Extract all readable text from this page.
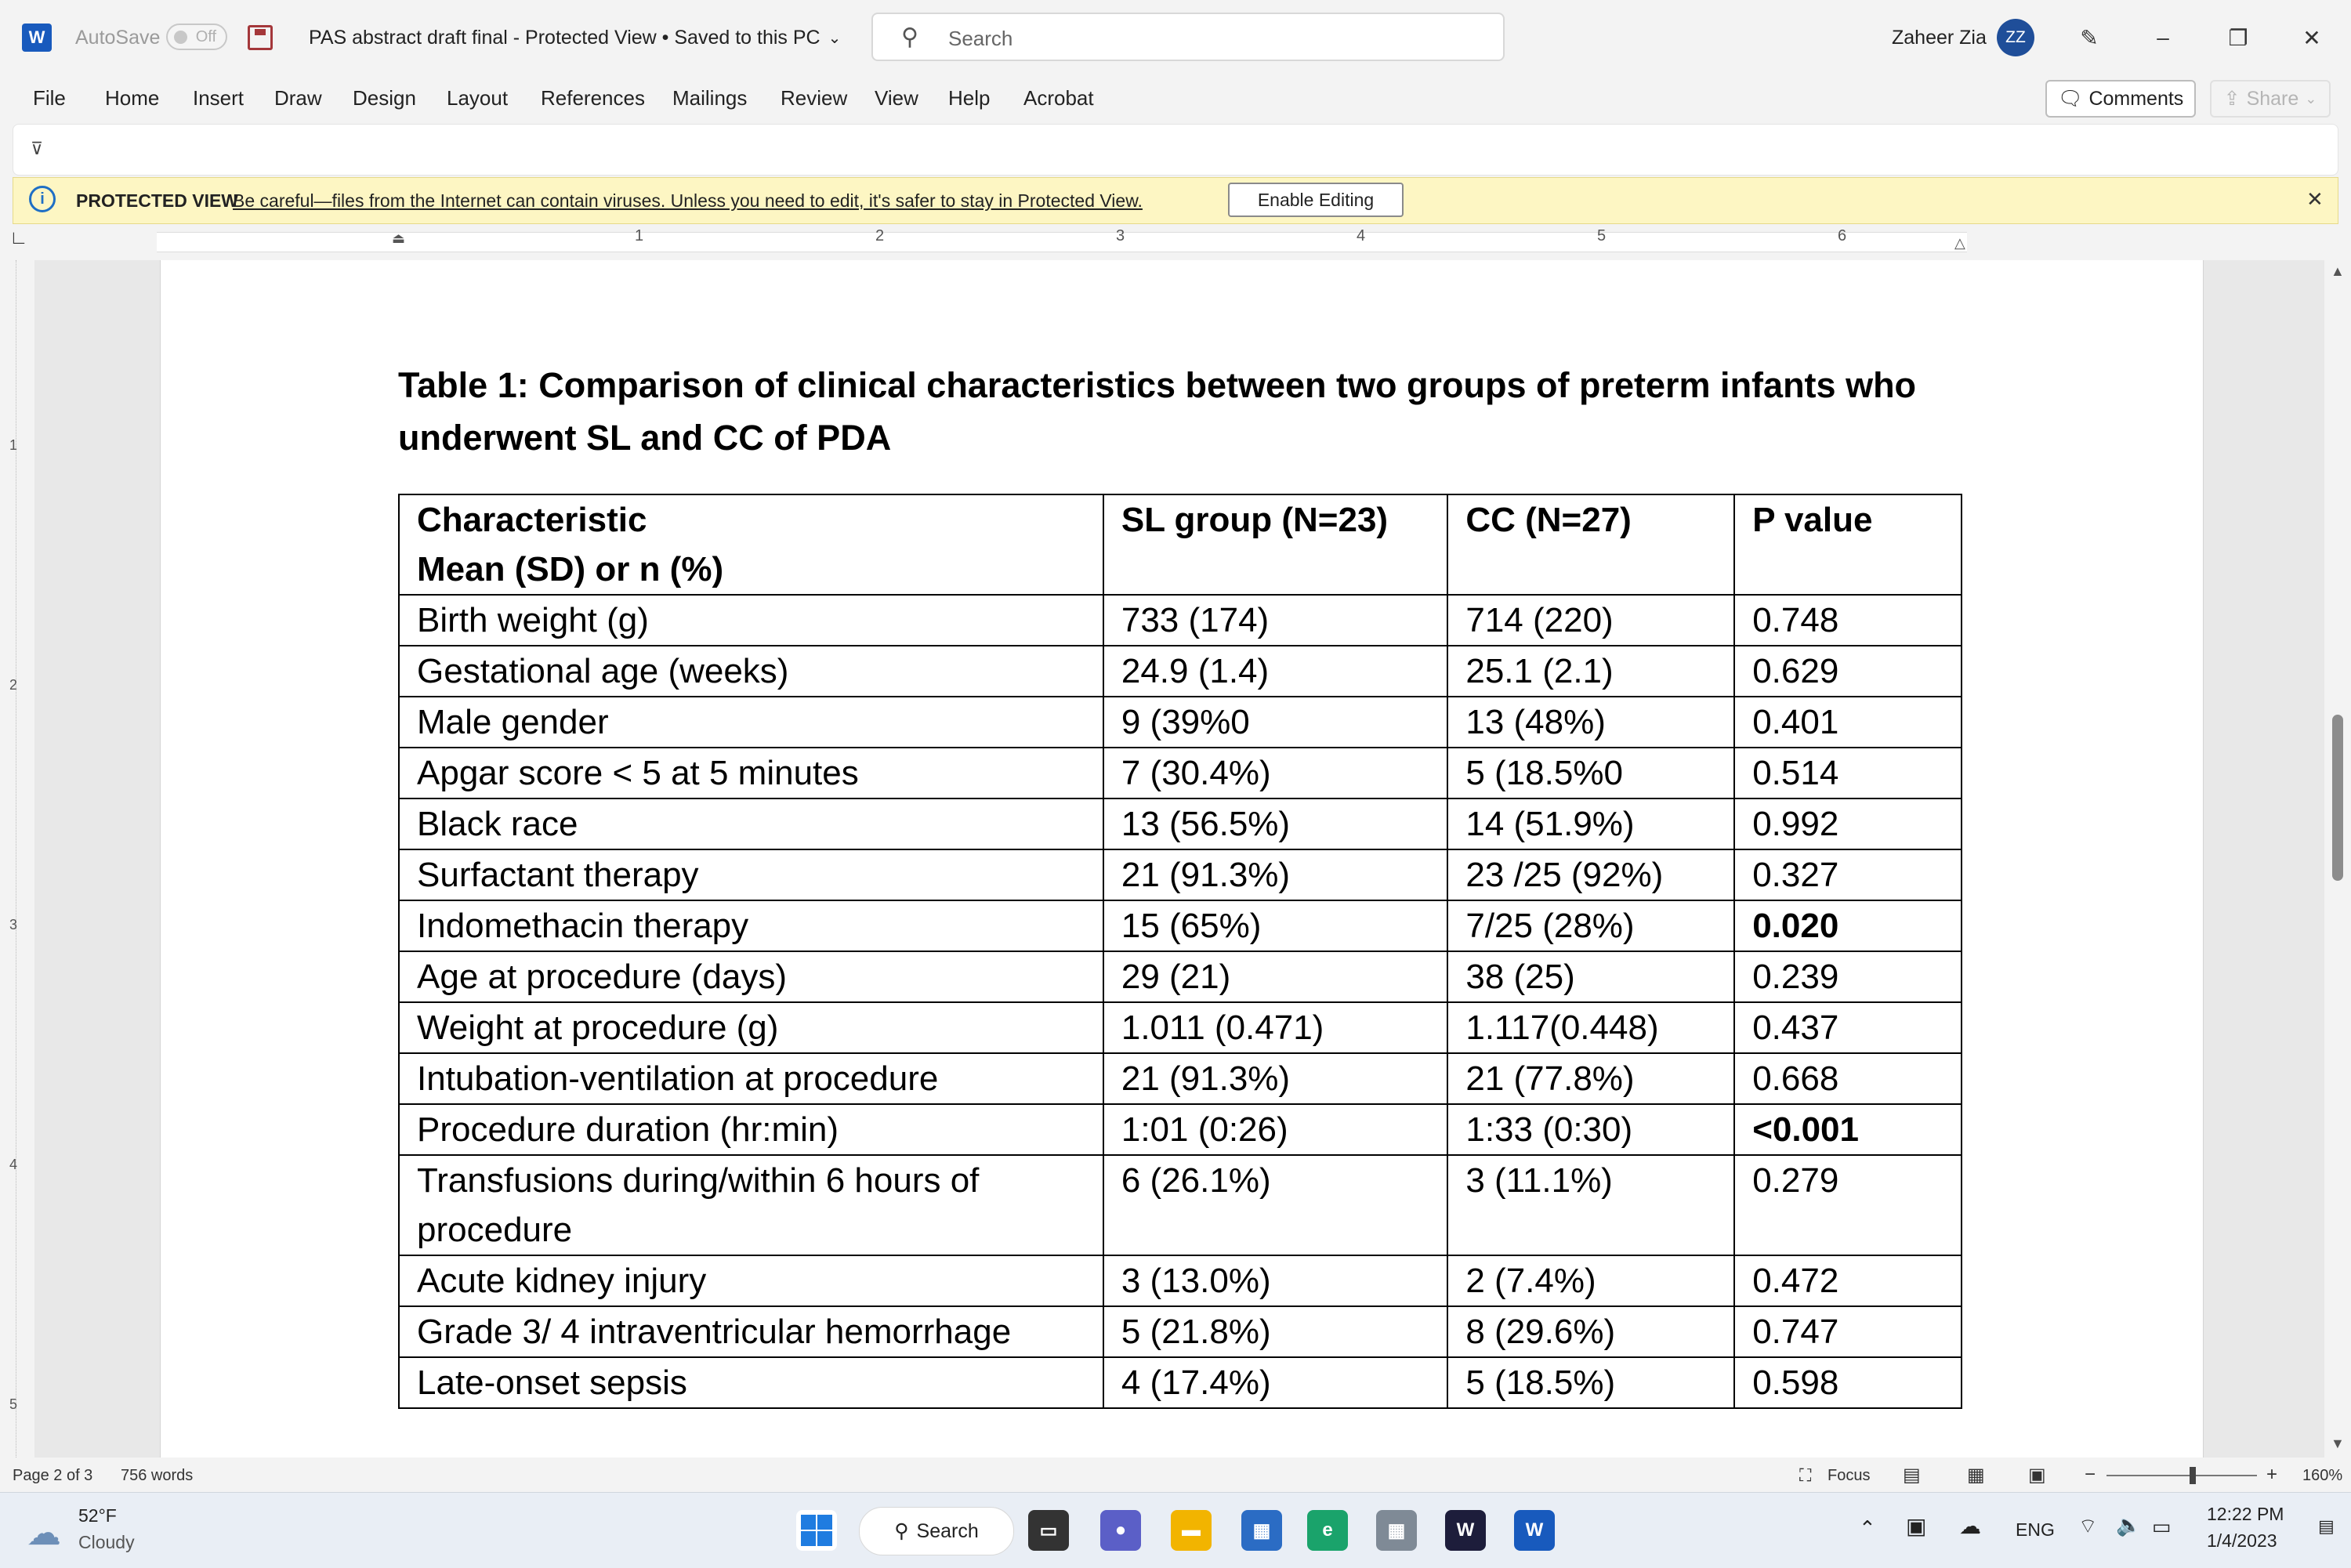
W	AutoSave	Off	PAS abstract draft final - Protected View • Saved to this PC ⌄	⚲ Search	Zaheer Zia	ZZ	✎	–	❐	✕
File Home Insert Draw Design Layout References Mailings Review View Help Acrobat	🗨 Comments ⇪ Share ⌄
⊽
i	PROTECTED VIEW
Be careful—files from the Internet can contain viruses. Unless you need to edit, it's safer to stay in Protected View.	Enable Editing	✕
∟	1	2	3	4	5	6
⏏	△
1
2
3
4
5
Table 1: Comparison of clinical characteristics between two groups of preterm infants who underwent SL and CC of PDA
Characteristic
Mean (SD) or n (%)	SL group (N=23)	CC (N=27)	P value
Birth weight (g)	733 (174)	714 (220)	0.748
Gestational age (weeks)	24.9 (1.4)	25.1 (2.1)	0.629
Male gender	9 (39%0	13 (48%)	0.401
Apgar score < 5 at 5 minutes	7 (30.4%)	5 (18.5%0	0.514
Black race	13 (56.5%)	14 (51.9%)	0.992
Surfactant therapy	21 (91.3%)	23 /25 (92%)	0.327
Indomethacin therapy	15 (65%)	7/25 (28%)	0.020
Age at procedure (days)	29 (21)	38 (25)	0.239
Weight at procedure (g)	1.011 (0.471)	1.117(0.448)	0.437
Intubation-ventilation at procedure	21 (91.3%)	21 (77.8%)	0.668
Procedure duration (hr:min)	1:01 (0:26)	1:33 (0:30)	<0.001
Transfusions during/within 6 hours of procedure	6 (26.1%)	3 (11.1%)	0.279
Acute kidney injury	3 (13.0%)	2 (7.4%)	0.472
Grade 3/ 4 intraventricular hemorrhage	5 (21.8%)	8 (29.6%)	0.747
Late-onset sepsis	4 (17.4%)	5 (18.5%)	0.598
▲
▼
Page 2 of 3 756 words	⛶ Focus ▤ ▦ ▣ −	+ 160%
☁ 52°F
Cloudy	⚲ Search	▭	●	▬	▦	e	▦	W	W	⌃ ▣ ☁ ENG ⌔ 🔈 ▭
12:22 PM
1/4/2023
▤
